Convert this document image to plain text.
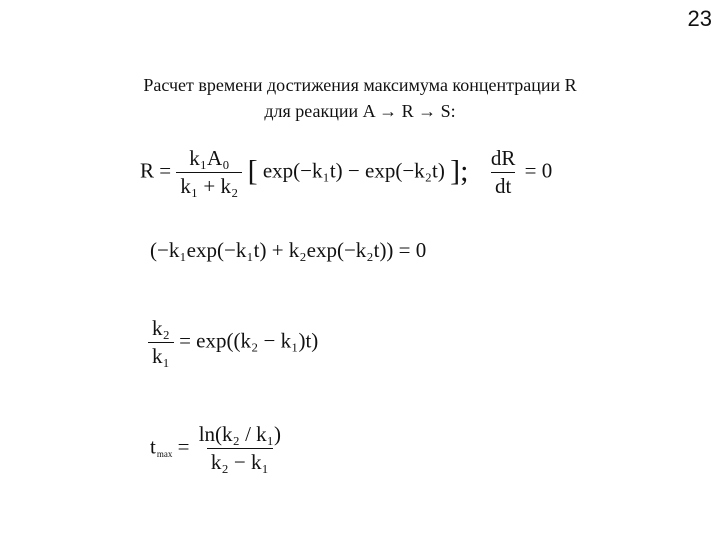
23
Расчет времени достижения максимума концентрации R
для реакции A → R → S:
$R = \frac{\text{k₁A₀}}{\text{k₁ + k₂}}$ [ exp(−k₁t) − exp(−k₂t) ]; $\frac{dR}{dt} = 0$
(−k₁exp(−k₁t) + k₂exp(−k₂t)) = 0
$\frac{\text{k₂}}{\text{k₁}} = \exp((k_2 - k_1)t)$
$t_{max} = \frac{\text{ln(k₂ / k₁)}}{\text{k₂ − k₁}}$
